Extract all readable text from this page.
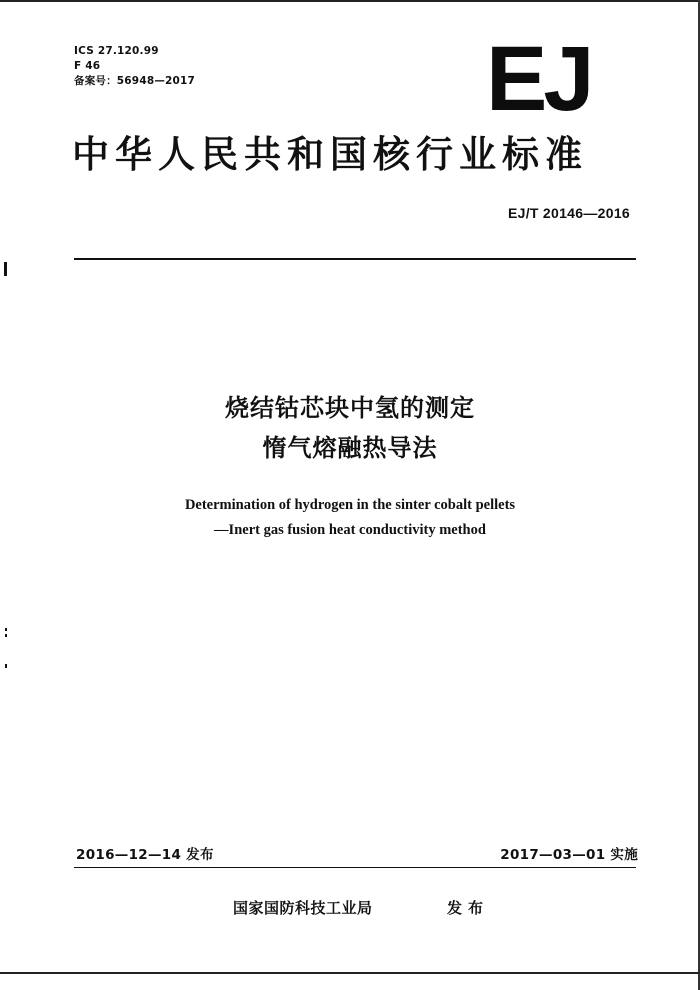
ICS 27.120.99
F 46
备案号：56948—2017	EJ
中华人民共和国核行业标准
EJ/T 20146—2016
烧结钴芯块中氢的测定
惰气熔融热导法
Determination of hydrogen in the sinter cobalt pellets
—Inert gas fusion heat conductivity method
2016—12—14 发布	2017—03—01 实施
国家国防科技工业局	发布
